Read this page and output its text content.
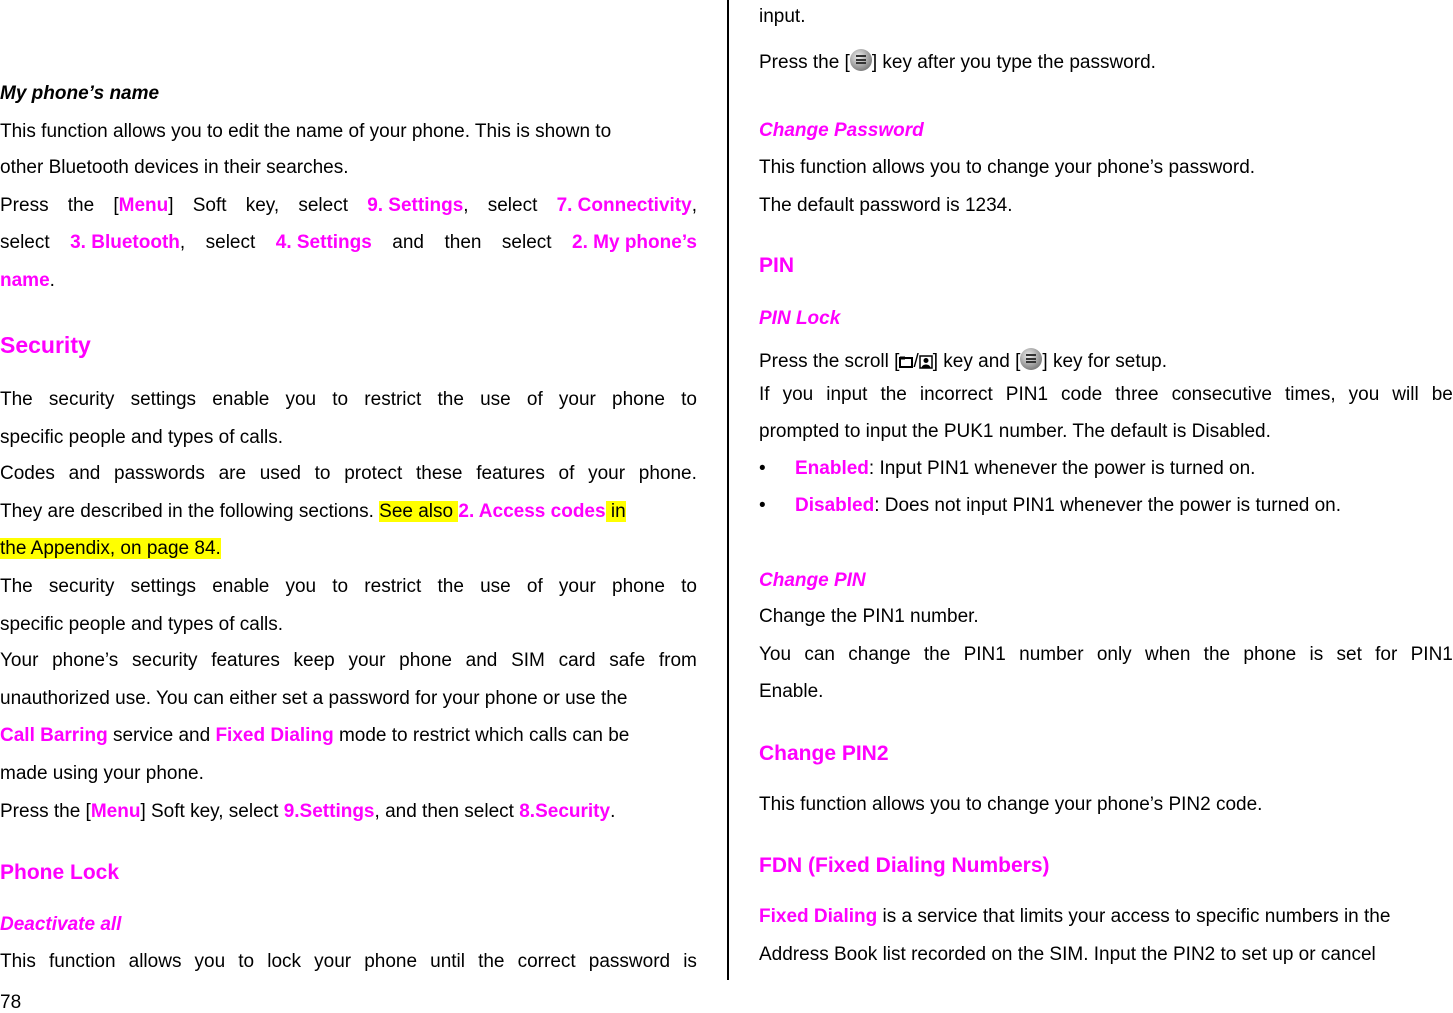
My phone’s name
This function allows you to edit the name of your phone. This is shown to
other Bluetooth devices in their searches.
Press the [Menu] Soft key, select 9. Settings, select 7. Connectivity,
select 3. Bluetooth, select 4. Settings and then select 2. My phone’s
name.
Security
The security settings enable you to restrict the use of your phone to
specific people and types of calls.
Codes and passwords are used to protect these features of your phone.
They are described in the following sections. See also 2. Access codes in
the Appendix, on page 84.
The security settings enable you to restrict the use of your phone to
specific people and types of calls.
Your phone’s security features keep your phone and SIM card safe from
unauthorized use. You can either set a password for your phone or use the
Call Barring service and Fixed Dialing mode to restrict which calls can be
made using your phone.
Press the [Menu] Soft key, select 9.Settings, and then select 8.Security.
Phone Lock
Deactivate all
This function allows you to lock your phone until the correct password is
input.
Press the [ ] key after you type the password.
Change Password
This function allows you to change your phone’s password.
The default password is 1234.
PIN
PIN Lock
Press the scroll [ / ] key and [ ] key for setup.
If you input the incorrect PIN1 code three consecutive times, you will be
prompted to input the PUK1 number. The default is Disabled.
• Enabled: Input PIN1 whenever the power is turned on.
• Disabled: Does not input PIN1 whenever the power is turned on.
Change PIN
Change the PIN1 number.
You can change the PIN1 number only when the phone is set for PIN1
Enable.
Change PIN2
This function allows you to change your phone’s PIN2 code.
FDN (Fixed Dialing Numbers)
Fixed Dialing is a service that limits your access to specific numbers in the
Address Book list recorded on the SIM. Input the PIN2 to set up or cancel
78
